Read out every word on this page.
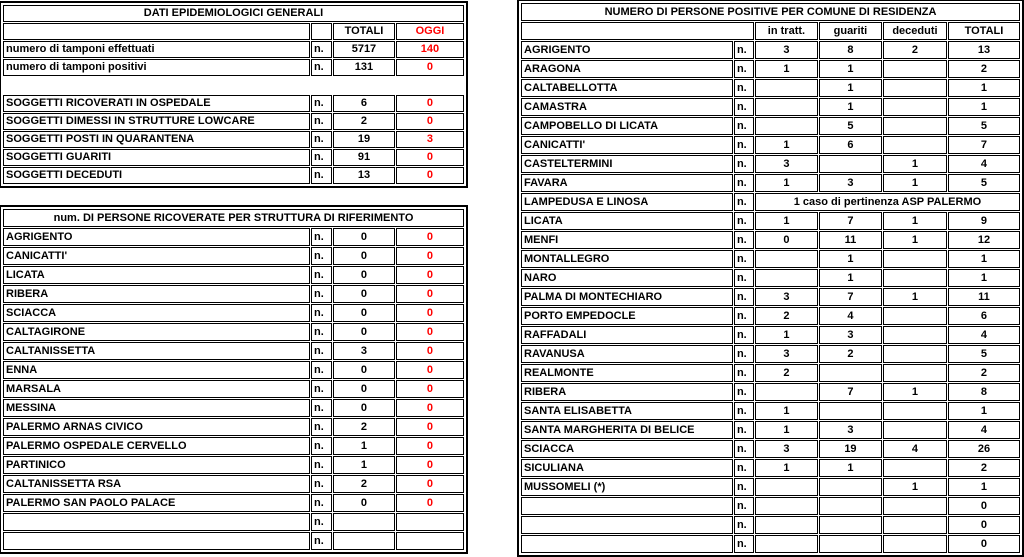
DATI EPIDEMIOLOGICI GENERALI			
		TOTALI	OGGI
numero di tamponi effettuati	n.	5717	140
numero di tamponi positivi	n.	131	0

SOGGETTI RICOVERATI IN OSPEDALE	n.	6	0
SOGGETTI DIMESSI IN STRUTTURE LOWCARE	n.	2	0
SOGGETTI POSTI IN QUARANTENA	n.	19	3
SOGGETTI GUARITI	n.	91	0
SOGGETTI DECEDUTI	n.	13	0
num. DI PERSONE RICOVERATE PER STRUTTURA DI RIFERIMENTO			
AGRIGENTO	n.	0	0
CANICATTI'	n.	0	0
LICATA	n.	0	0
RIBERA	n.	0	0
SCIACCA	n.	0	0
CALTAGIRONE	n.	0	0
CALTANISSETTA	n.	3	0
ENNA	n.	0	0
MARSALA	n.	0	0
MESSINA	n.	0	0
PALERMO ARNAS CIVICO	n.	2	0
PALERMO OSPEDALE CERVELLO	n.	1	0
PARTINICO	n.	1	0
CALTANISSETTA RSA	n.	2	0
PALERMO SAN PAOLO PALACE	n.	0	0
	n.		
	n.		
NUMERO DI PERSONE POSITIVE PER COMUNE DI RESIDENZA					
		in tratt.	guariti	deceduti	TOTALI
AGRIGENTO	n.	3	8	2	13
ARAGONA	n.	1	1		2
CALTABELLOTTA	n.		1		1
CAMASTRA	n.		1		1
CAMPOBELLO DI LICATA	n.		5		5
CANICATTI'	n.	1	6		7
CASTELTERMINI	n.	3		1	4
FAVARA	n.	1	3	1	5
LAMPEDUSA E LINOSA	n.	1 caso di pertinenza ASP PALERMO			
LICATA	n.	1	7	1	9
MENFI	n.	0	11	1	12
MONTALLEGRO	n.		1		1
NARO	n.		1		1
PALMA DI MONTECHIARO	n.	3	7	1	11
PORTO EMPEDOCLE	n.	2	4		6
RAFFADALI	n.	1	3		4
RAVANUSA	n.	3	2		5
REALMONTE	n.	2			2
RIBERA	n.		7	1	8
SANTA ELISABETTA	n.	1			1
SANTA MARGHERITA DI BELICE	n.	1	3		4
SCIACCA	n.	3	19	4	26
SICULIANA	n.	1	1		2
MUSSOMELI (*)	n.			1	1
	n.				0
	n.				0
	n.				0
